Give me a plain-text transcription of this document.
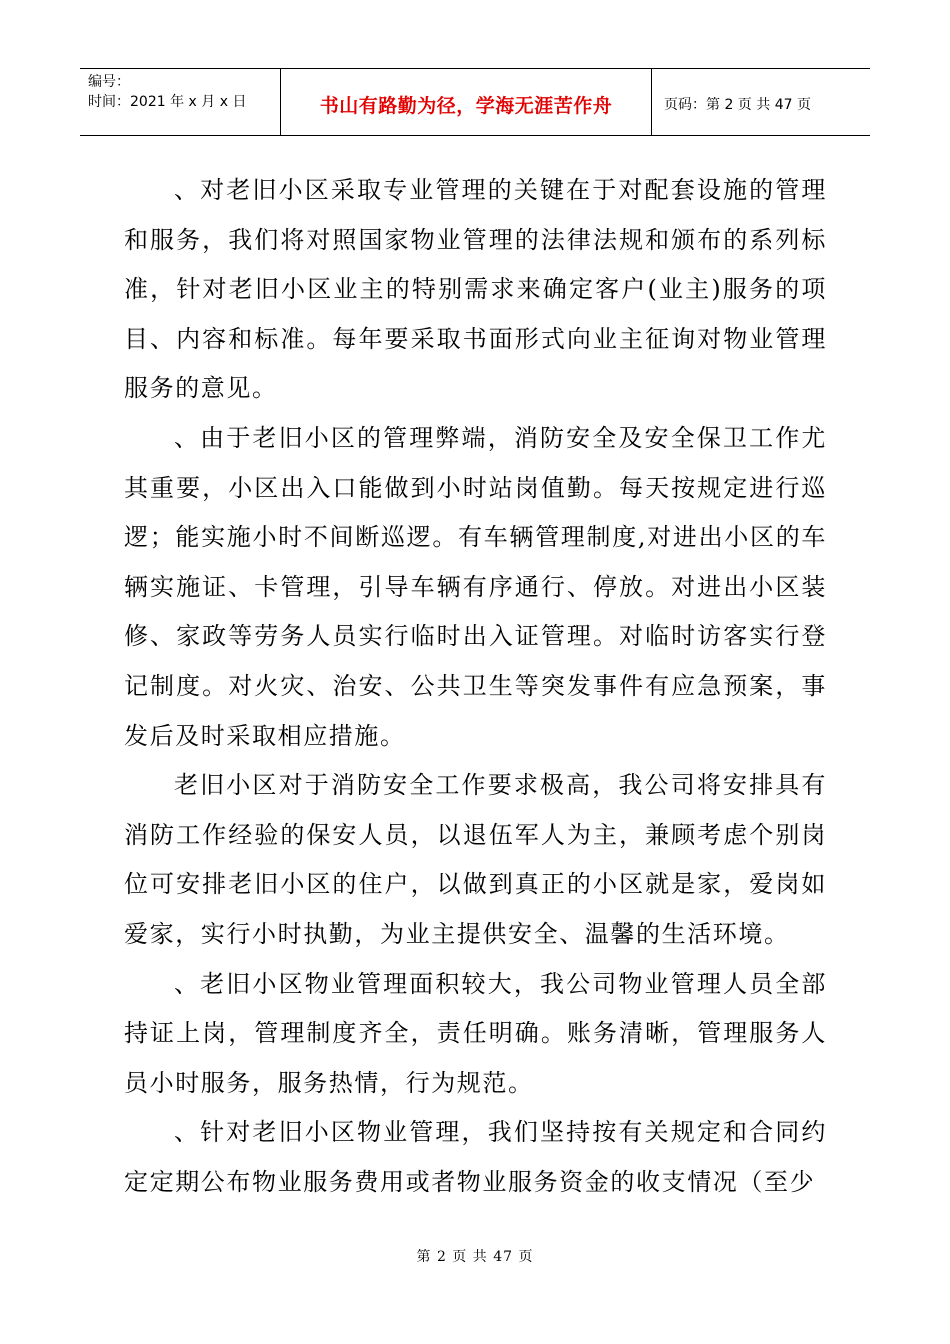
编号：
时间：2021 年 x 月 x 日	书山有路勤为径，学海无涯苦作舟	页码：第 2 页 共 47 页

、对老旧小区采取专业管理的关键在于对配套设施的管理和服务，我们将对照国家物业管理的法律法规和颁布的系列标准，针对老旧小区业主的特别需求来确定客户(业主)服务的项目、内容和标准。每年要采取书面形式向业主征询对物业管理服务的意见。

、由于老旧小区的管理弊端，消防安全及安全保卫工作尤其重要，小区出入口能做到小时站岗值勤。每天按规定进行巡逻；能实施小时不间断巡逻。有车辆管理制度,对进出小区的车辆实施证、卡管理，引导车辆有序通行、停放。对进出小区装修、家政等劳务人员实行临时出入证管理。对临时访客实行登记制度。对火灾、治安、公共卫生等突发事件有应急预案，事发后及时采取相应措施。

老旧小区对于消防安全工作要求极高，我公司将安排具有消防工作经验的保安人员，以退伍军人为主，兼顾考虑个别岗位可安排老旧小区的住户，以做到真正的小区就是家，爱岗如爱家，实行小时执勤，为业主提供安全、温馨的生活环境。

、老旧小区物业管理面积较大，我公司物业管理人员全部持证上岗，管理制度齐全，责任明确。账务清晰，管理服务人员小时服务，服务热情，行为规范。

、针对老旧小区物业管理，我们坚持按有关规定和合同约定定期公布物业服务费用或者物业服务资金的收支情况（至少

第 2 页 共 47 页
